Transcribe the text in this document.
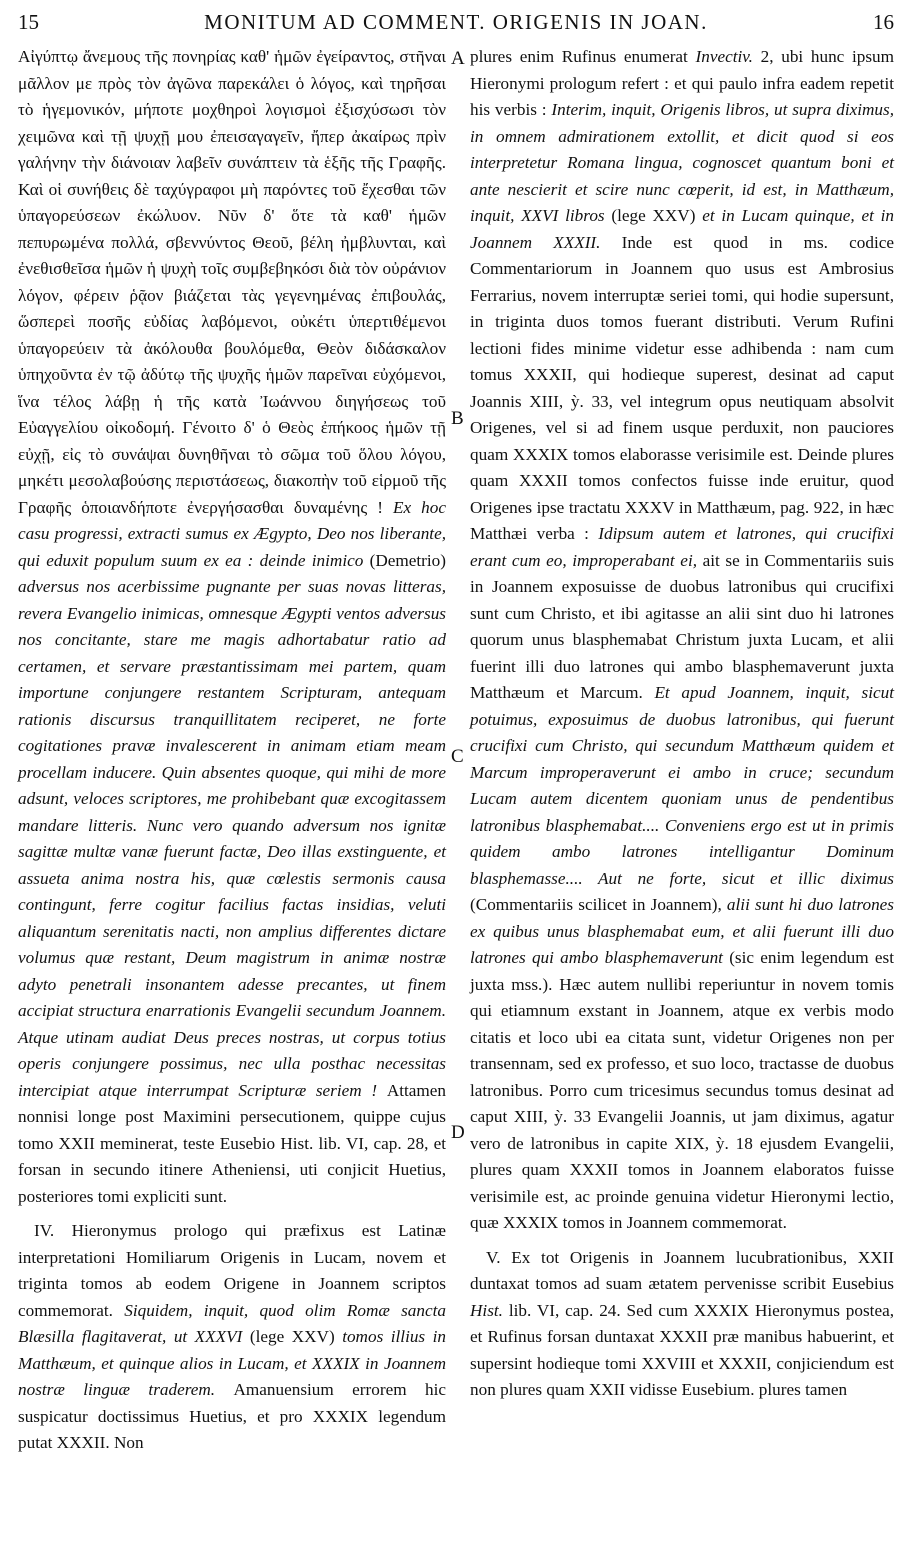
15	MONITUM AD COMMENT. ORIGENIS IN JOAN.	16
A
B
C
D

Αἰγύπτῳ ἄνεμους τῆς πονηρίας καθ' ἡμῶν ἐγείραντος, στῆναι μᾶλλον με πρὸς τὸν ἀγῶνα παρεκάλει ὁ λόγος, καὶ τηρῆσαι τὸ ἡγεμονικόν, μήποτε μοχθηροὶ λογισμοὶ ἐξισχύσωσι τὸν χειμῶνα καὶ τῇ ψυχῇ μου ἐπεισαγαγεῖν, ἤπερ ἀκαίρως πρὶν γαλήνην τὴν διάνοιαν λαβεῖν συνάπτειν τὰ ἑξῆς τῆς Γραφῆς. Καὶ οἱ συνήθεις δὲ ταχύγραφοι μὴ παρόντες τοῦ ἔχεσθαι τῶν ὑπαγορεύσεων ἐκώλυον. Νῦν δ' ὅτε τὰ καθ' ἡμῶν πεπυρωμένα πολλά, σβεννύντος Θεοῦ, βέλη ἠμβλυνται, καὶ ἐνεθισθεῖσα ἡμῶν ἡ ψυχὴ τοῖς συμβεβηκόσι διὰ τὸν οὐράνιον λόγον, φέρειν ῥᾷον βιάζεται τὰς γεγενημένας ἐπιβουλάς, ὥσπερεὶ ποσῆς εὐδίας λαβόμενοι, οὐκέτι ὑπερτιθέμενοι ὑπαγορεύειν τὰ ἀκόλουθα βουλόμεθα, Θεὸν διδάσκαλον ὑπηχοῦντα ἐν τῷ ἀδύτῳ τῆς ψυχῆς ἡμῶν παρεῖναι εὐχόμενοι, ἵνα τέλος λάβῃ ἡ τῆς κατὰ Ἰωάννου διηγήσεως τοῦ Εὐαγγελίου οἰκοδομή. Γένοιτο δ' ὁ Θεὸς ἐπήκοος ἡμῶν τῇ εὐχῇ, εἰς τὸ συνάψαι δυνηθῆναι τὸ σῶμα τοῦ ὅλου λόγου, μηκέτι μεσολαβούσης περιστάσεως, διακοπὴν τοῦ εἱρμοῦ τῆς Γραφῆς ὁποιανδήποτε ἐνεργήσασθαι δυναμένης ! Ex hoc casu progressi, extracti sumus ex Ægypto, Deo nos liberante, qui eduxit populum suum ex ea : deinde inimico (Demetrio) adversus nos acerbissime pugnante per suas novas litteras, revera Evangelio inimicas, omnesque Ægypti ventos adversus nos concitante, stare me magis adhortabatur ratio ad certamen, et servare præstantissimam mei partem, quam importune conjungere restantem Scripturam, antequam rationis discursus tranquillitatem reciperet, ne forte cogitationes pravæ invalescerent in animam etiam meam procellam inducere. Quin absentes quoque, qui mihi de more adsunt, veloces scriptores, me prohibebant quæ excogitassem mandare litteris. Nunc vero quando adversum nos ignitæ sagittæ multæ vanæ fuerunt factæ, Deo illas exstinguente, et assueta anima nostra his, quæ cœlestis sermonis causa contingunt, ferre cogitur facilius factas insidias, veluti aliquantum serenitatis nacti, non amplius differentes dictare volumus quæ restant, Deum magistrum in animæ nostræ adyto penetrali insonantem adesse precantes, ut finem accipiat structura enarrationis Evangelii secundum Joannem. Atque utinam audiat Deus preces nostras, ut corpus totius operis conjungere possimus, nec ulla posthac necessitas intercipiat atque interrumpat Scripturæ seriem ! Attamen nonnisi longe post Maximini persecutionem, quippe cujus tomo XXII meminerat, teste Eusebio Hist. lib. VI, cap. 28, et forsan in secundo itinere Atheniensi, uti conjicit Huetius, posteriores tomi expliciti sunt.

IV. Hieronymus prologo qui præfixus est Latinæ interpretationi Homiliarum Origenis in Lucam, novem et triginta tomos ab eodem Origene in Joannem scriptos commemorat. Siquidem, inquit, quod olim Romæ sancta Blæsilla flagitaverat, ut XXXVI (lege XXV) tomos illius in Matthæum, et quinque alios in Lucam, et XXXIX in Joannem nostræ linguæ traderem. Amanuensium errorem hic suspicatur doctissimus Huetius, et pro XXXIX legendum putat XXXII. Non

plures enim Rufinus enumerat Invectiv. 2, ubi hunc ipsum Hieronymi prologum refert : et qui paulo infra eadem repetit his verbis : Interim, inquit, Origenis libros, ut supra diximus, in omnem admirationem extollit, et dicit quod si eos interpretetur Romana lingua, cognoscet quantum boni et ante nescierit et scire nunc cœperit, id est, in Matthæum, inquit, XXVI libros (lege XXV) et in Lucam quinque, et in Joannem XXXII. Inde est quod in ms. codice Commentariorum in Joannem quo usus est Ambrosius Ferrarius, novem interruptæ seriei tomi, qui hodie supersunt, in triginta duos tomos fuerant distributi. Verum Rufini lectioni fides minime videtur esse adhibenda : nam cum tomus XXXII, qui hodieque superest, desinat ad caput Joannis XIII, ỳ. 33, vel integrum opus neutiquam absolvit Origenes, vel si ad finem usque perduxit, non pauciores quam XXXIX tomos elaborasse verisimile est. Deinde plures quam XXXII tomos confectos fuisse inde eruitur, quod Origenes ipse tractatu XXXV in Matthæum, pag. 922, in hæc Matthæi verba : Idipsum autem et latrones, qui crucifixi erant cum eo, improperabant ei, ait se in Commentariis suis in Joannem exposuisse de duobus latronibus qui crucifixi sunt cum Christo, et ibi agitasse an alii sint duo hi latrones quorum unus blasphemabat Christum juxta Lucam, et alii fuerint illi duo latrones qui ambo blasphemaverunt juxta Matthæum et Marcum. Et apud Joannem, inquit, sicut potuimus, exposuimus de duobus latronibus, qui fuerunt crucifixi cum Christo, qui secundum Matthæum quidem et Marcum improperaverunt ei ambo in cruce; secundum Lucam autem dicentem quoniam unus de pendentibus latronibus blasphemabat.... Conveniens ergo est ut in primis quidem ambo latrones intelligantur Dominum blasphemasse.... Aut ne forte, sicut et illic diximus (Commentariis scilicet in Joannem), alii sunt hi duo latrones ex quibus unus blasphemabat eum, et alii fuerunt illi duo latrones qui ambo blasphemaverunt (sic enim legendum est juxta mss.). Hæc autem nullibi reperiuntur in novem tomis qui etiamnum exstant in Joannem, atque ex verbis modo citatis et loco ubi ea citata sunt, videtur Origenes non per transennam, sed ex professo, et suo loco, tractasse de duobus latronibus. Porro cum tricesimus secundus tomus desinat ad caput XIII, ỳ. 33 Evangelii Joannis, ut jam diximus, agatur vero de latronibus in capite XIX, ỳ. 18 ejusdem Evangelii, plures quam XXXII tomos in Joannem elaboratos fuisse verisimile est, ac proinde genuina videtur Hieronymi lectio, quæ XXXIX tomos in Joannem commemorat.

V. Ex tot Origenis in Joannem lucubrationibus, XXII duntaxat tomos ad suam ætatem pervenisse scribit Eusebius Hist. lib. VI, cap. 24. Sed cum XXXIX Hieronymus postea, et Rufinus forsan duntaxat XXXII præ manibus habuerint, et supersint hodieque tomi XXVIII et XXXII, conjiciendum est non plures quam XXII vidisse Eusebium. plures tamen
